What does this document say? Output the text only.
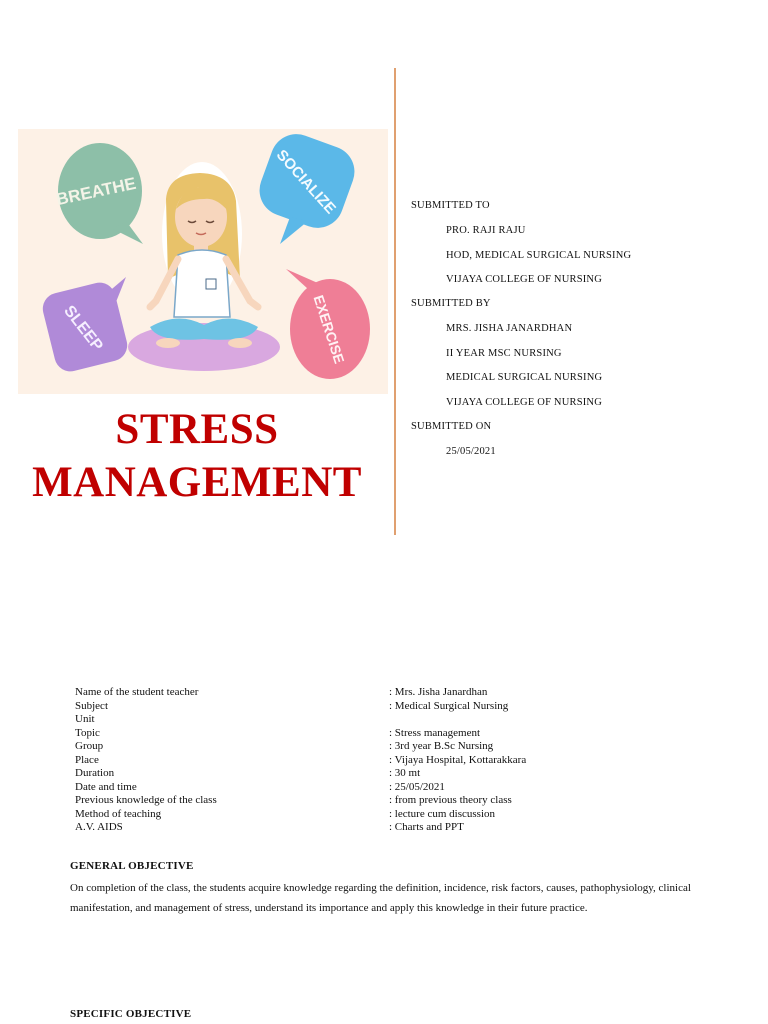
BREATHE	SOCIALIZE
SLEEP	EXERCISE
STRESS
MANAGEMENT
SUBMITTED TO
PRO. RAJI RAJU
HOD, MEDICAL SURGICAL NURSING
VIJAYA COLLEGE OF NURSING
SUBMITTED BY
MRS. JISHA JANARDHAN
II YEAR MSC NURSING
MEDICAL SURGICAL NURSING
VIJAYA COLLEGE OF NURSING
SUBMITTED ON
25/05/2021
Name of the student teacher	: Mrs. Jisha Janardhan
Subject	: Medical Surgical Nursing
Unit
Topic	: Stress management
Group	: 3rd year B.Sc Nursing
Place	: Vijaya Hospital, Kottarakkara
Duration	: 30 mt
Date and time	: 25/05/2021
Previous knowledge of the class	: from previous theory class
Method of teaching	: lecture cum discussion
A.V. AIDS	: Charts and PPT
GENERAL OBJECTIVE
On completion of the class, the students acquire knowledge regarding the definition, incidence, risk factors, causes, pathophysiology, clinical manifestation, and management of stress, understand its importance and apply this knowledge in their future practice.
SPECIFIC OBJECTIVE
